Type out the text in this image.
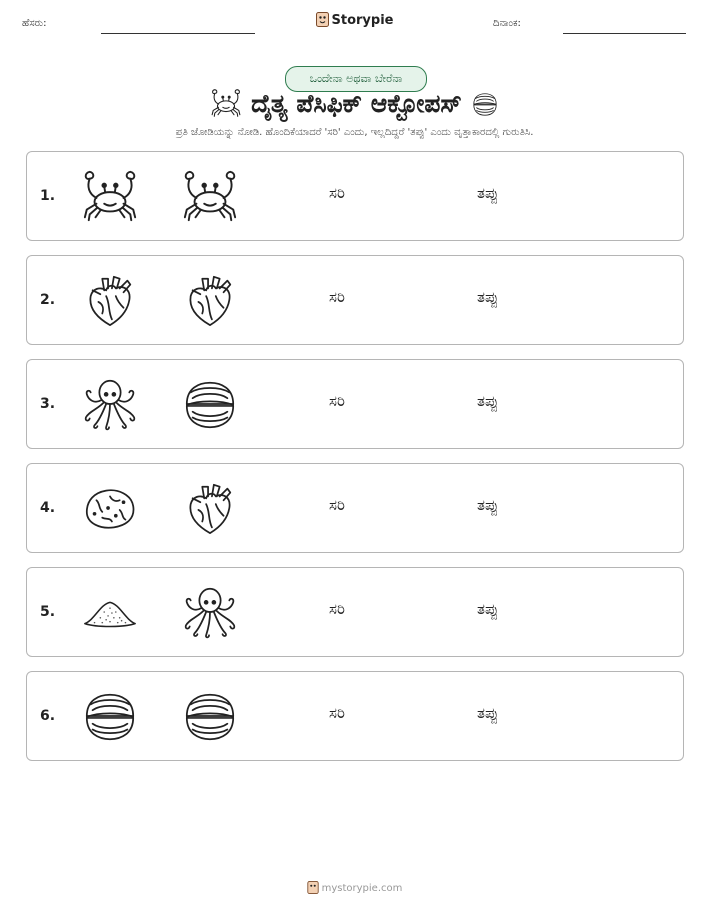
ಹೆಸರು:	Storypie	ದಿನಾಂಕ:
ಒಂದೇನಾ ಅಥವಾ ಬೇರೆನಾ
ದೈತ್ಯ ಪೆಸಿಫಿಕ್ ಆಕ್ಟೋಪಸ್
ಪ್ರತಿ ಜೋಡಿಯನ್ನು ನೋಡಿ. ಹೊಂದಿಕೆಯಾದರೆ 'ಸರಿ' ಎಂದು, ಇಲ್ಲದಿದ್ದರೆ 'ತಪ್ಪು' ಎಂದು ವೃತ್ತಾಕಾರದಲ್ಲಿ ಗುರುತಿಸಿ.
1.	ಸರಿ	ತಪ್ಪು
2.	ಸರಿ	ತಪ್ಪು
3.	ಸರಿ	ತಪ್ಪು
4.	ಸರಿ	ತಪ್ಪು
5.	ಸರಿ	ತಪ್ಪು
6.	ಸರಿ	ತಪ್ಪು
mystorypie.com
